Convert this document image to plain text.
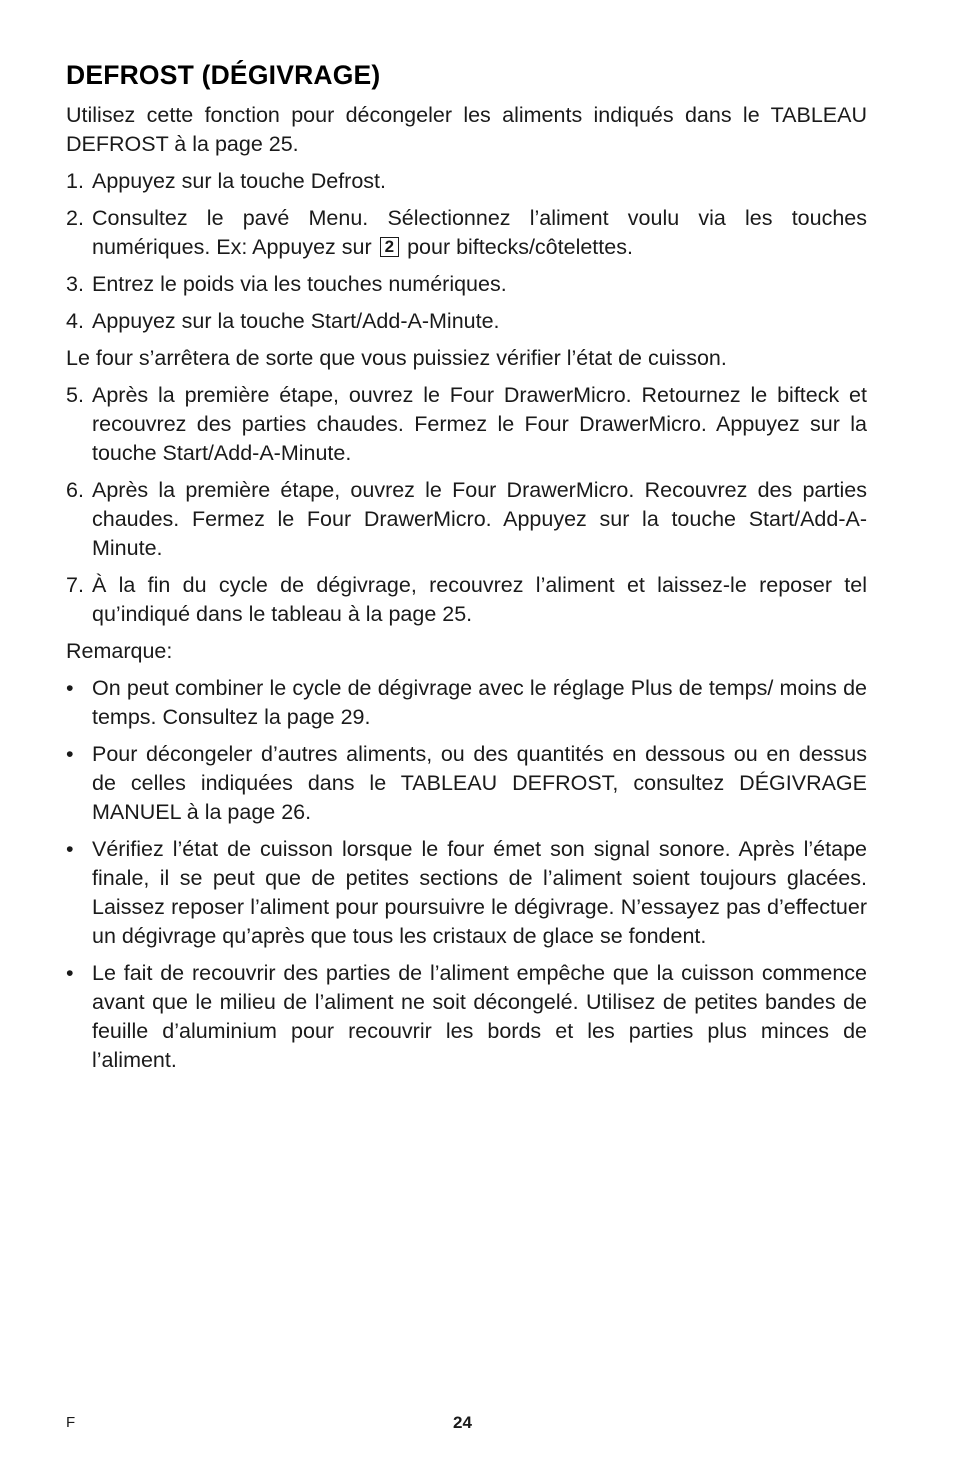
DEFROST (DÉGIVRAGE)

Utilisez cette fonction pour décongeler les aliments indiqués dans le TABLEAU DEFROST à la page 25.

1. Appuyez sur la touche Defrost.
2. Consultez le pavé Menu. Sélectionnez l’aliment voulu via les touches numériques. Ex: Appuyez sur 2 pour biftecks/côtelettes.
3. Entrez le poids via les touches numériques.
4. Appuyez sur la touche Start/Add-A-Minute.

Le four s’arrêtera de sorte que vous puissiez vérifier l’état de cuisson.

5. Après la première étape, ouvrez le Four DrawerMicro. Retournez le bifteck et recouvrez des parties chaudes. Fermez le Four DrawerMicro. Appuyez sur la touche Start/Add-A-Minute.
6. Après la première étape, ouvrez le Four DrawerMicro. Recouvrez des parties chaudes. Fermez le Four DrawerMicro. Appuyez sur la touche Start/Add-A-Minute.
7. À la fin du cycle de dégivrage, recouvrez l’aliment et laissez-le reposer tel qu’indiqué dans le tableau à la page 25.
Remarque:
• On peut combiner le cycle de dégivrage avec le réglage Plus de temps/ moins de temps. Consultez la page 29.
• Pour décongeler d’autres aliments, ou des quantités en dessous ou en dessus de celles indiquées dans le TABLEAU DEFROST, consultez DÉGIVRAGE MANUEL à la page 26.
• Vérifiez l’état de cuisson lorsque le four émet son signal sonore. Après l’étape finale, il se peut que de petites sections de l’aliment soient toujours glacées. Laissez reposer l’aliment pour poursuivre le dégivrage. N’essayez pas d’effectuer un dégivrage qu’après que tous les cristaux de glace se fondent.
• Le fait de recouvrir des parties de l’aliment empêche que la cuisson commence avant que le milieu de l’aliment ne soit décongelé. Utilisez de petites bandes de feuille d’aluminium pour recouvrir les bords et les parties plus minces de l’aliment.
F	24
